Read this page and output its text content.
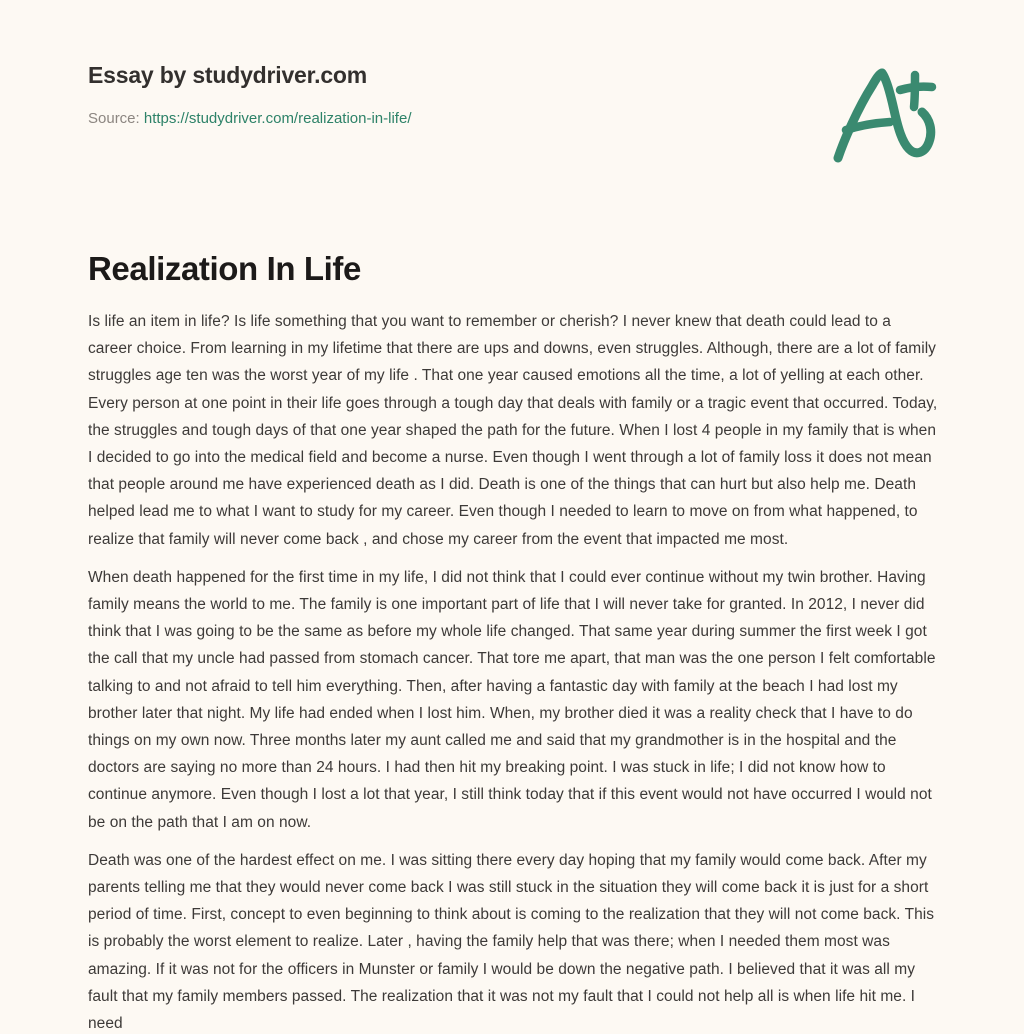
Essay by studydriver.com
Source: https://studydriver.com/realization-in-life/
Realization In Life

Is life an item in life? Is life something that you want to remember or cherish? I never knew that death could lead to a career choice. From learning in my lifetime that there are ups and downs, even struggles. Although, there are a lot of family struggles age ten was the worst year of my life . That one year caused emotions all the time, a lot of yelling at each other. Every person at one point in their life goes through a tough day that deals with family or a tragic event that occurred. Today, the struggles and tough days of that one year shaped the path for the future. When I lost 4 people in my family that is when I decided to go into the medical field and become a nurse. Even though I went through a lot of family loss it does not mean that people around me have experienced death as I did. Death is one of the things that can hurt but also help me. Death helped lead me to what I want to study for my career. Even though I needed to learn to move on from what happened, to realize that family will never come back , and chose my career from the event that impacted me most.

When death happened for the first time in my life, I did not think that I could ever continue without my twin brother. Having family means the world to me. The family is one important part of life that I will never take for granted. In 2012, I never did think that I was going to be the same as before my whole life changed. That same year during summer the first week I got the call that my uncle had passed from stomach cancer. That tore me apart, that man was the one person I felt comfortable talking to and not afraid to tell him everything. Then, after having a fantastic day with family at the beach I had lost my brother later that night. My life had ended when I lost him. When, my brother died it was a reality check that I have to do things on my own now. Three months later my aunt called me and said that my grandmother is in the hospital and the doctors are saying no more than 24 hours. I had then hit my breaking point. I was stuck in life; I did not know how to continue anymore. Even though I lost a lot that year, I still think today that if this event would not have occurred I would not be on the path that I am on now.

Death was one of the hardest effect on me. I was sitting there every day hoping that my family would come back. After my parents telling me that they would never come back I was still stuck in the situation they will come back it is just for a short period of time. First, concept to even beginning to think about is coming to the realization that they will not come back. This is probably the worst element to realize. Later , having the family help that was there; when I needed them most was amazing. If it was not for the officers in Munster or family I would be down the negative path. I believed that it was all my fault that my family members passed. The realization that it was not my fault that I could not help all is when life hit me. I need
